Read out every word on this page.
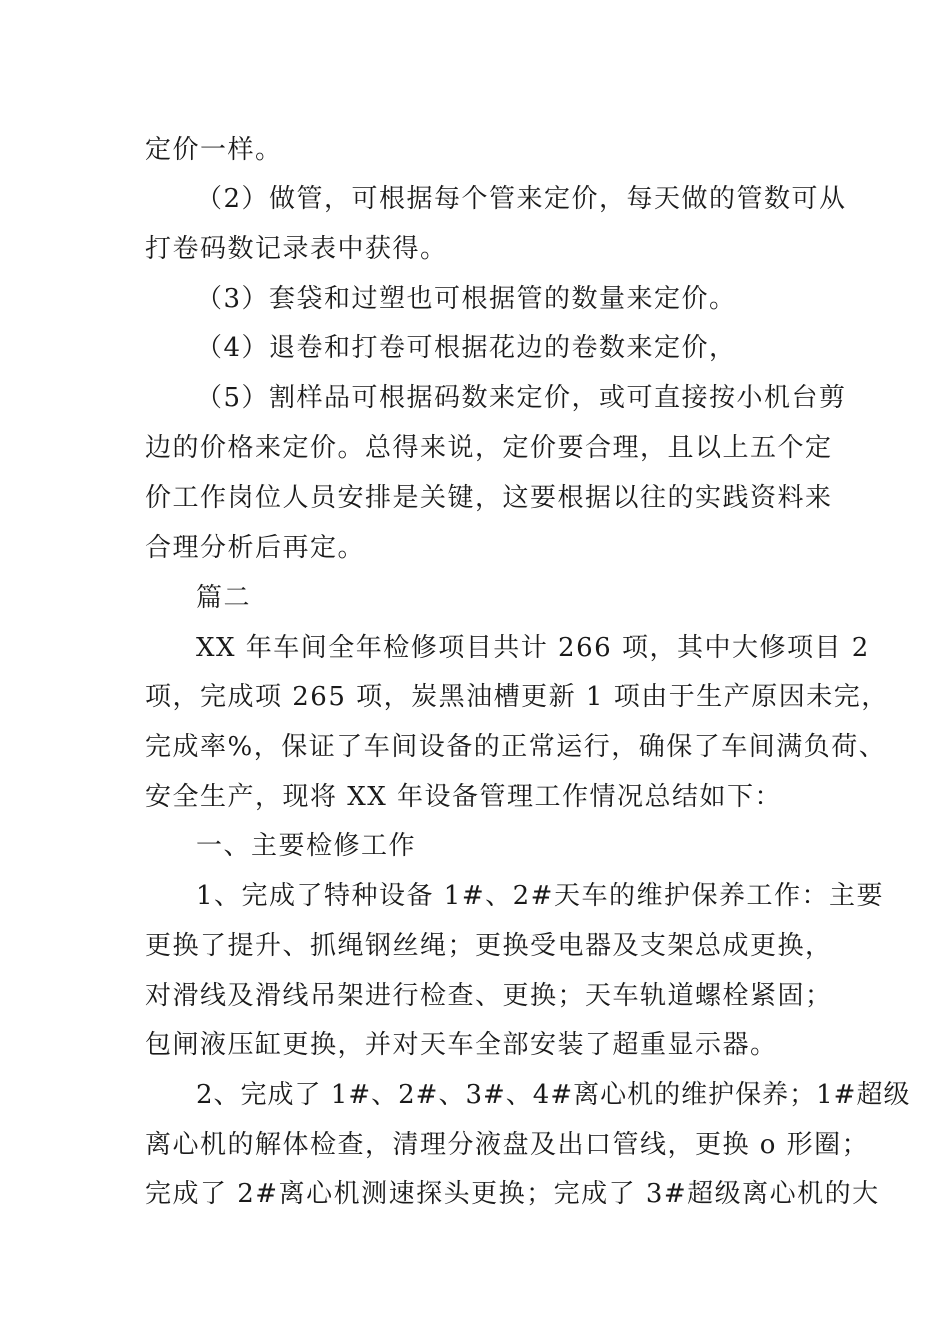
定价一样。
（2）做管，可根据每个管来定价，每天做的管数可从
打卷码数记录表中获得。
（3）套袋和过塑也可根据管的数量来定价。
（4）退卷和打卷可根据花边的卷数来定价，
（5）割样品可根据码数来定价，或可直接按小机台剪
边的价格来定价。总得来说，定价要合理，且以上五个定
价工作岗位人员安排是关键，这要根据以往的实践资料来
合理分析后再定。
篇二
XX 年车间全年检修项目共计 266 项，其中大修项目 2
项，完成项 265 项，炭黑油槽更新 1 项由于生产原因未完，
完成率%，保证了车间设备的正常运行，确保了车间满负荷、
安全生产，现将 XX 年设备管理工作情况总结如下：
一、主要检修工作
1、完成了特种设备 1#、2#天车的维护保养工作：主要
更换了提升、抓绳钢丝绳；更换受电器及支架总成更换，
对滑线及滑线吊架进行检查、更换；天车轨道螺栓紧固；
包闸液压缸更换，并对天车全部安装了超重显示器。
2、完成了 1#、2#、3#、4#离心机的维护保养；1#超级
离心机的解体检查，清理分液盘及出口管线，更换 o 形圈；
完成了 2#离心机测速探头更换；完成了 3#超级离心机的大
